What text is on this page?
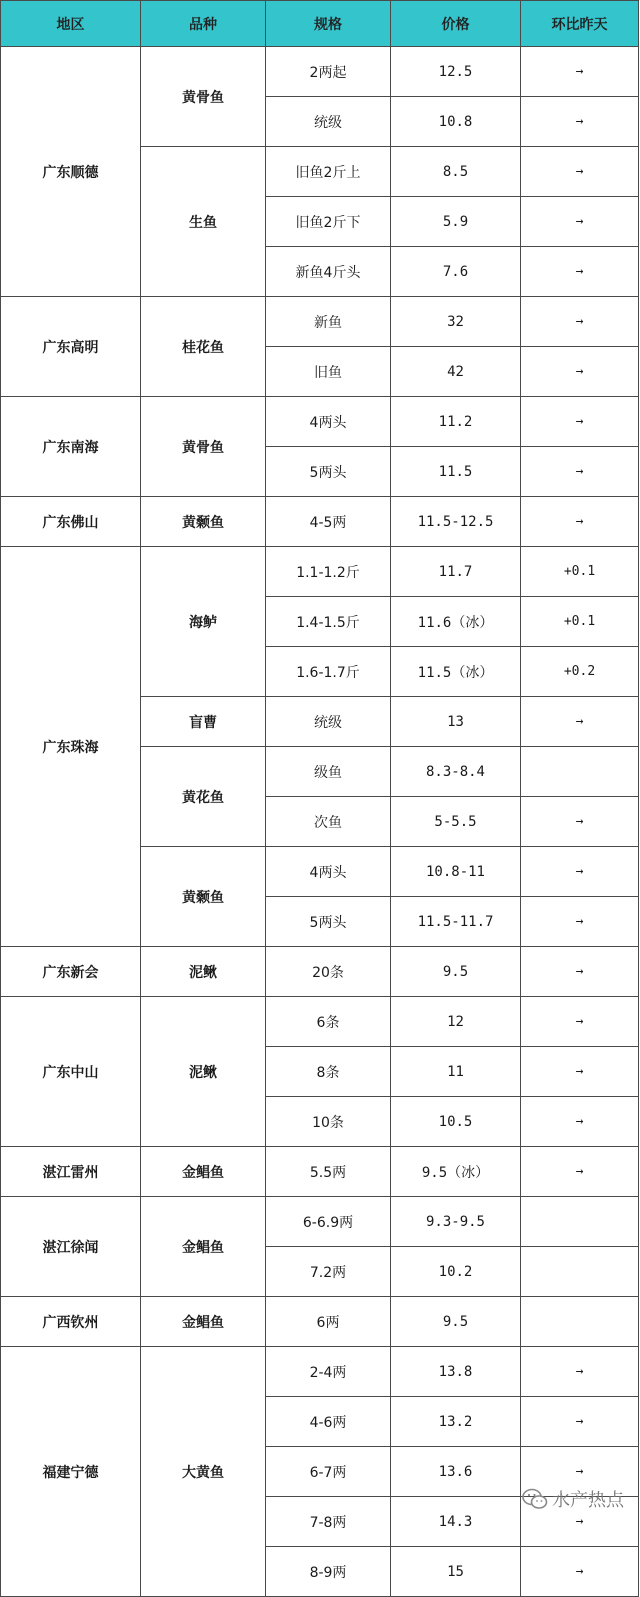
地区	品种	规格	价格	环比昨天
广东顺德	黄骨鱼	2两起	12.5	→
		统级	10.8	→
	生鱼	旧鱼2斤上	8.5	→
		旧鱼2斤下	5.9	→
		新鱼4斤头	7.6	→
广东高明	桂花鱼	新鱼	32	→
		旧鱼	42	→
广东南海	黄骨鱼	4两头	11.2	→
		5两头	11.5	→
广东佛山	黄颡鱼	4-5两	11.5-12.5	→
广东珠海	海鲈	1.1-1.2斤	11.7	+0.1
		1.4-1.5斤	11.6（冰）	+0.1
		1.6-1.7斤	11.5（冰）	+0.2
	盲曹	统级	13	→
	黄花鱼	级鱼	8.3-8.4	
		次鱼	5-5.5	→
	黄颡鱼	4两头	10.8-11	→
		5两头	11.5-11.7	→
广东新会	泥鳅	20条	9.5	→
广东中山	泥鳅	6条	12	→
		8条	11	→
		10条	10.5	→
湛江雷州	金鲳鱼	5.5两	9.5（冰）	→
湛江徐闻	金鲳鱼	6-6.9两	9.3-9.5	
		7.2两	10.2	
广西钦州	金鲳鱼	6两	9.5	
福建宁德	大黄鱼	2-4两	13.8	→
		4-6两	13.2	→
		6-7两	13.6	→
		7-8两	14.3	→
		8-9两	15	→
水产热点
